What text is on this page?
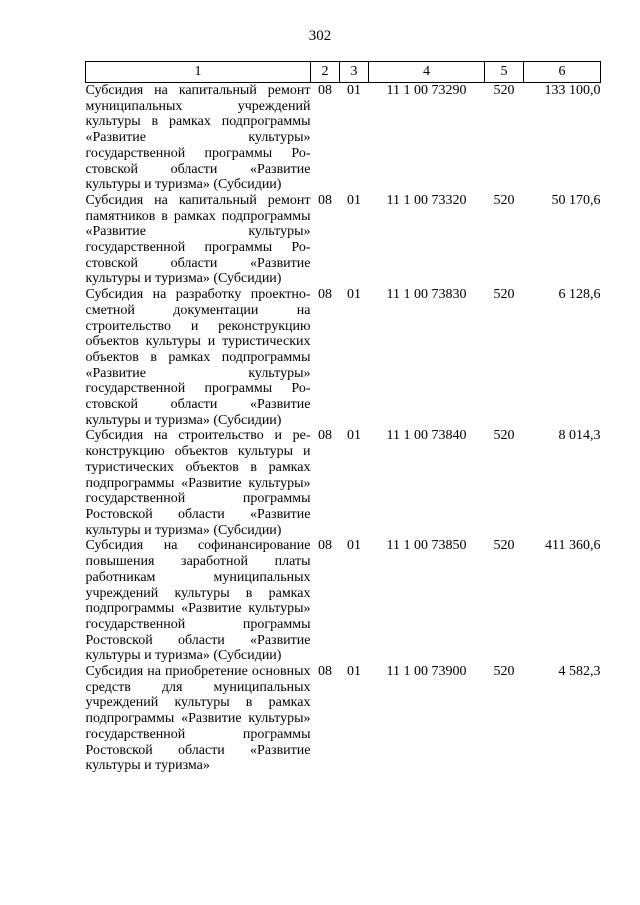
302
1	2	3	4	5	6
Субсидия на капитальный ремонт муниципальных учреждений культуры в рамках подпрограммы «Развитие культуры» государственной программы Ростовской области «Развитие культуры и туризма» (Субсидии)	08	01	11 1 00 73290	520	133 100,0
Субсидия на капитальный ремонт памятников в рамках подпрограммы «Развитие культуры» государственной программы Ростовской области «Развитие культуры и туризма» (Субсидии)	08	01	11 1 00 73320	520	50 170,6
Субсидия на разработку проектно-сметной документации на строительство и реконструкцию объектов культуры и туристических объектов в рамках подпрограммы «Развитие культуры» государственной программы Ростовской области «Развитие культуры и туризма» (Субсидии)	08	01	11 1 00 73830	520	6 128,6
Субсидия на строительство и реконструкцию объектов культуры и туристических объектов в рамках подпрограммы «Развитие культуры» государственной программы Ростовской области «Развитие культуры и туризма» (Субсидии)	08	01	11 1 00 73840	520	8 014,3
Субсидия на софинансирование повышения заработной платы работникам муниципальных учреждений культуры в рамках подпрограммы «Развитие культуры» государственной программы Ростовской области «Развитие культуры и туризма» (Субсидии)	08	01	11 1 00 73850	520	411 360,6
Субсидия на приобретение основных средств для муниципальных учреждений культуры в рамках подпрограммы «Развитие культуры» государственной программы Ростовской области «Развитие культуры и туризма»	08	01	11 1 00 73900	520	4 582,3
